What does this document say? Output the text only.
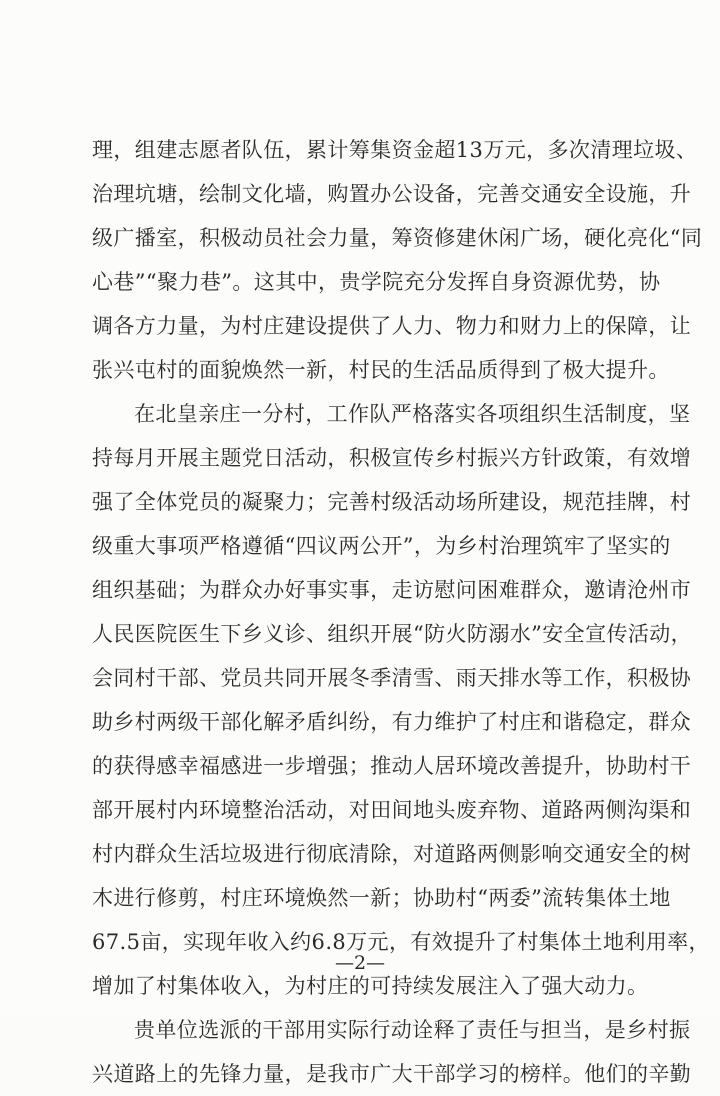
理，组建志愿者队伍，累计筹集资金超13万元，多次清理垃圾、
治理坑塘，绘制文化墙，购置办公设备，完善交通安全设施，升
级广播室，积极动员社会力量，筹资修建休闲广场，硬化亮化“同
心巷”“聚力巷”。这其中，贵学院充分发挥自身资源优势，协
调各方力量，为村庄建设提供了人力、物力和财力上的保障，让
张兴屯村的面貌焕然一新，村民的生活品质得到了极大提升。
在北皇亲庄一分村，工作队严格落实各项组织生活制度，坚
持每月开展主题党日活动，积极宣传乡村振兴方针政策，有效增
强了全体党员的凝聚力；完善村级活动场所建设，规范挂牌，村
级重大事项严格遵循“四议两公开”，为乡村治理筑牢了坚实的
组织基础；为群众办好事实事，走访慰问困难群众，邀请沧州市
人民医院医生下乡义诊、组织开展“防火防溺水”安全宣传活动，
会同村干部、党员共同开展冬季清雪、雨天排水等工作，积极协
助乡村两级干部化解矛盾纠纷，有力维护了村庄和谐稳定，群众
的获得感幸福感进一步增强；推动人居环境改善提升，协助村干
部开展村内环境整治活动，对田间地头废弃物、道路两侧沟渠和
村内群众生活垃圾进行彻底清除，对道路两侧影响交通安全的树
木进行修剪，村庄环境焕然一新；协助村“两委”流转集体土地
67.5亩，实现年收入约6.8万元，有效提升了村集体土地利用率，
增加了村集体收入，为村庄的可持续发展注入了强大动力。
贵单位选派的干部用实际行动诠释了责任与担当，是乡村振
兴道路上的先锋力量，是我市广大干部学习的榜样。他们的辛勤
—2—
